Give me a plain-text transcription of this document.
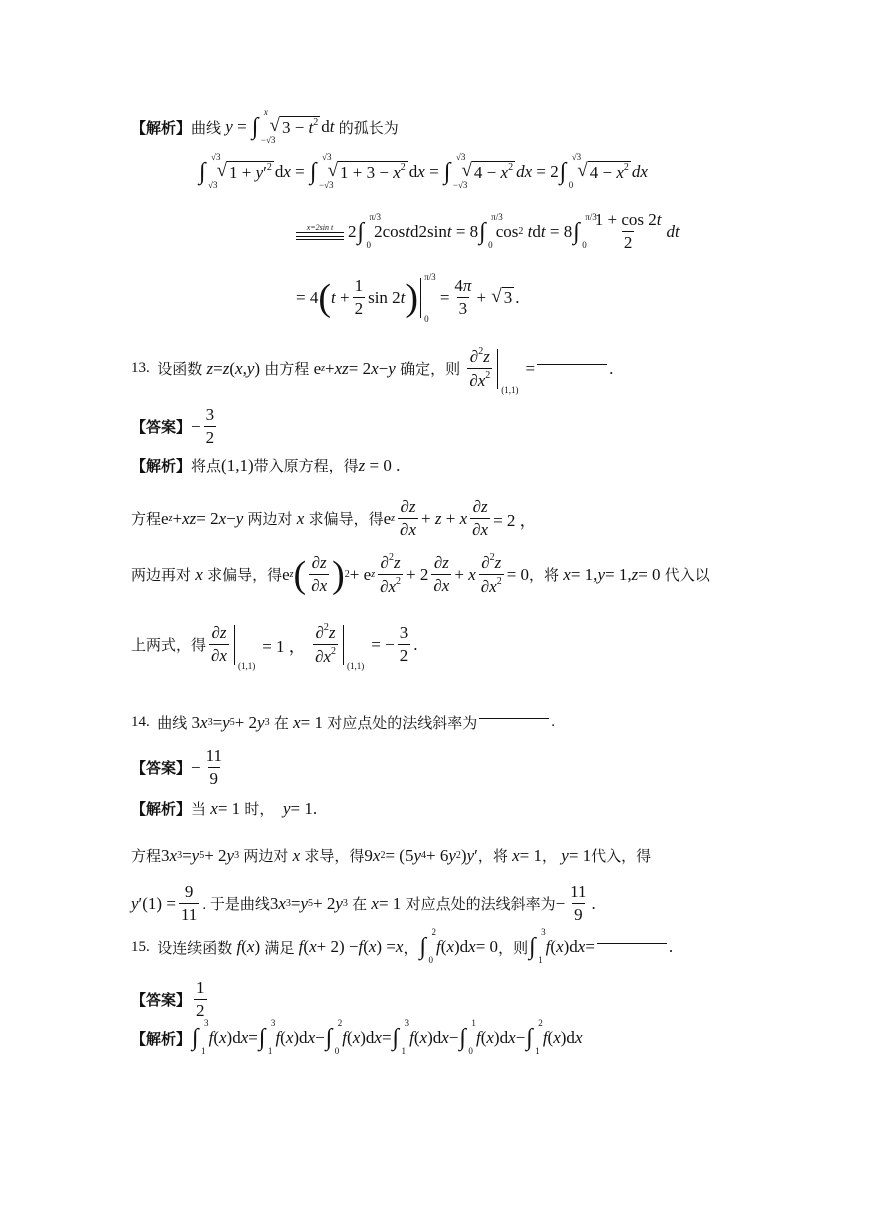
【解析】 曲线
y = ∫
x
−√3
√ $3 - t^2$ d t
的孤长为
∫
√3
√3
√ $1 + y'^2$ d x = ∫
√3
−√3
√ $1 + 3 - x^2$ d x = ∫
√3
−√3
√ $4 - x^2$ dx = 2 ∫
√3
0
√ $4 - x^2$ dx
x=2sin t 2 ∫
π/3
0
2cos t d2sin t = 8 ∫
π/3
0
cos 2
t d t = 8 ∫
π/3
$0 \frac{1 + \cos 2t}{2}$ dt
= 4 ( $t + \frac{1}{2}$ sin 2 t ) π/3
0
= $\frac{4\pi}{3}$ + √ 3 .
13.
设函数
z = z ( x , y ) 由方程 e z + xz = 2 x − y
确定，则
$\frac{\partial^2z}{\partial x^2} (1,1)$

=	.
【答案】 − $\frac{3}{2}$
【解析】 将点 (1,1) 带入原方程，得 z = 0 .
方程 e z + xz = 2 x − y
两边对
x
求偏导，得 e z $\frac{\partial z}{\partial x} + z + x \frac{\partial z}{\partial x} = 2$ ，
两边再对
x
求偏导，得 e z ( $\frac{\partial z}{\partial x}$ ) 2 + e z $\frac{\partial^2z}{\partial x^2} + 2 \frac{\partial z}{\partial x} + x \frac{\partial^2z}{\partial x^2} = 0$ ，将
x = 1, y = 1, z = 0 代入以
上两式，得 $\frac{\partial z}{\partial x} (1,1)$
= 1 ， $\frac{\partial^2z}{\partial x^2} (1,1)$
= − $\frac{3}{2}$ .
14.
曲线 3 x 3 = y 5 + 2 y 3
在
x = 1 对应点处的法线斜率为	.
【答案】 − $\frac{11}{9}$
【解析】 当
x = 1 时，
y = 1.
方程 3 x 3 = y 5 + 2 y 3
两边对
x
求导，得 9 x 2 = (5 y 4 + 6 y 2 ) y ′ ，将
x = 1 ，
y = 1 代入，得
y $'(1) = \frac{9}{11}$ . 于是曲线 3 x 3 = y 5 + 2 y 3
在
x = 1 对应点处的法线斜率为 − $\frac{11}{9}$ .
15.
设连续函数
f ( x ) 满足
f ( x + 2) − f ( x ) = x ， ∫
2
0
f ( x )d x = 0 ，则 ∫
3
1
f ( x )d x =	.
【答案】 $\frac{1}{2}$
【解析】 ∫
3
1
f ( x )d x = ∫
3
1
f ( x )d x − ∫
2
0
f ( x )d x = ∫
3
1
f ( x )d x − ∫
1
0
f ( x )d x − ∫
2
1
f ( x )d x
